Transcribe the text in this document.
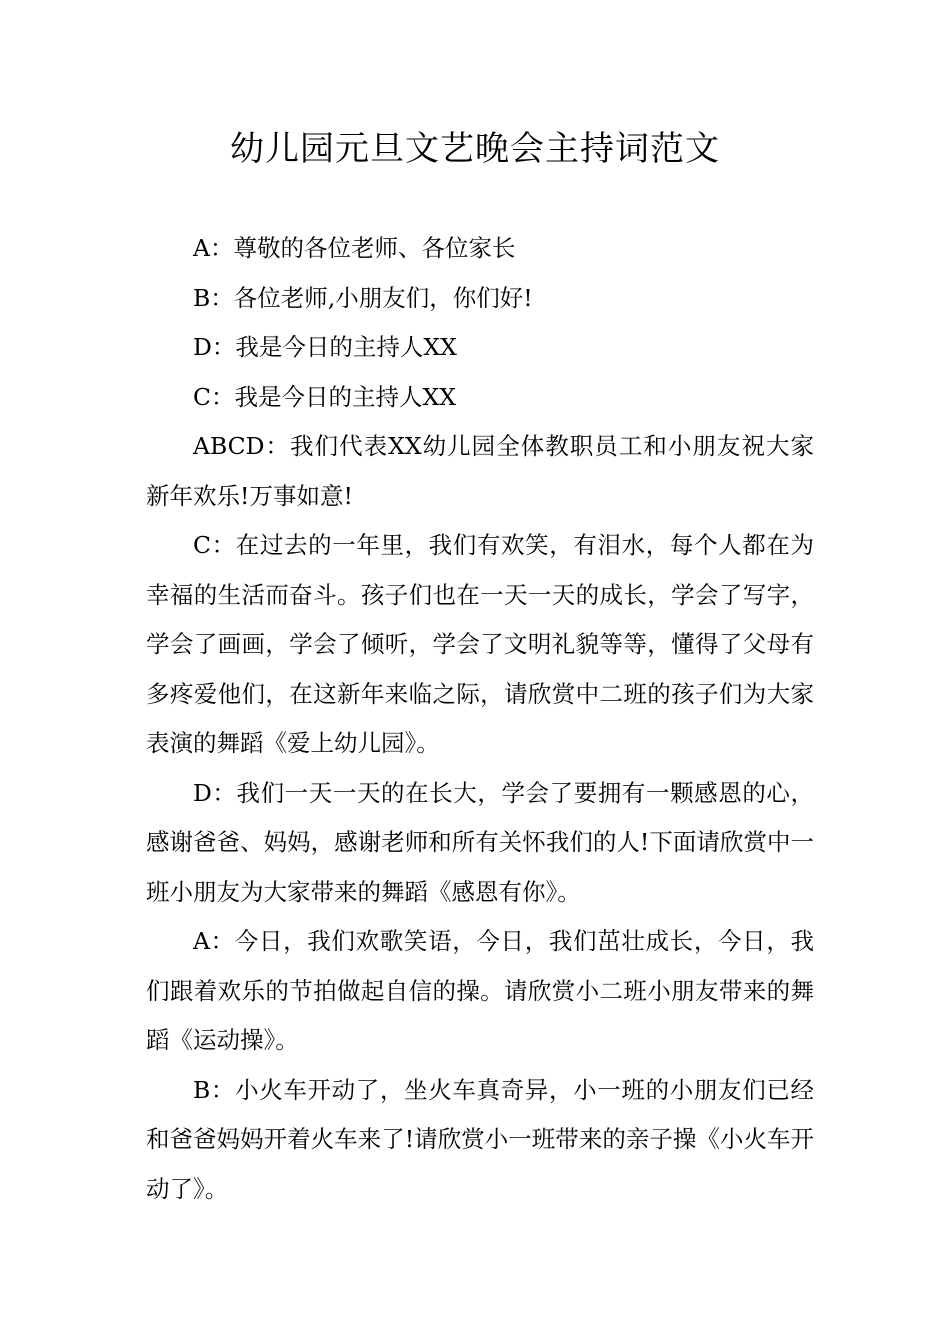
幼儿园元旦文艺晚会主持词范文

A：尊敬的各位老师、各位家长

B：各位老师,小朋友们，你们好!

D：我是今日的主持人XX

C：我是今日的主持人XX

ABCD：我们代表XX幼儿园全体教职员工和小朋友祝大家新年欢乐!万事如意!

C：在过去的一年里，我们有欢笑，有泪水，每个人都在为幸福的生活而奋斗。孩子们也在一天一天的成长，学会了写字，学会了画画，学会了倾听，学会了文明礼貌等等，懂得了父母有多疼爱他们，在这新年来临之际，请欣赏中二班的孩子们为大家表演的舞蹈《爱上幼儿园》。

D：我们一天一天的在长大，学会了要拥有一颗感恩的心，感谢爸爸、妈妈，感谢老师和所有关怀我们的人!下面请欣赏中一班小朋友为大家带来的舞蹈《感恩有你》。

A：今日，我们欢歌笑语，今日，我们茁壮成长，今日，我们跟着欢乐的节拍做起自信的操。请欣赏小二班小朋友带来的舞蹈《运动操》。

B：小火车开动了，坐火车真奇异，小一班的小朋友们已经和爸爸妈妈开着火车来了!请欣赏小一班带来的亲子操《小火车开动了》。
